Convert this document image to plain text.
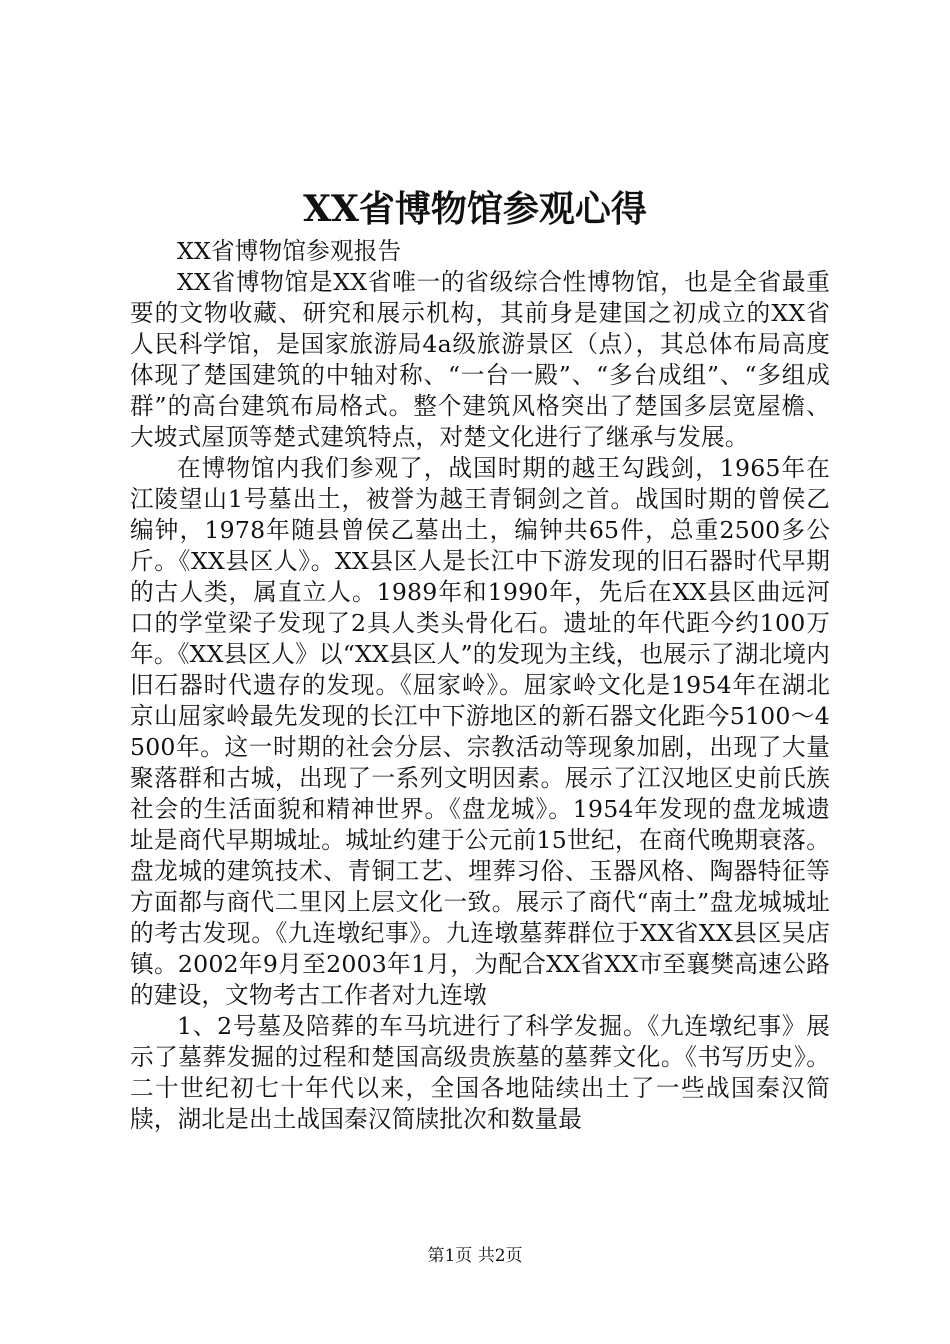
XX省博物馆参观心得

XX省博物馆参观报告

XX省博物馆是XX省唯一的省级综合性博物馆，也是全省最重要的文物收藏、研究和展示机构，其前身是建国之初成立的XX省人民科学馆，是国家旅游局4a级旅游景区（点），其总体布局高度体现了楚国建筑的中轴对称、“一台一殿”、“多台成组”、“多组成群”的高台建筑布局格式。整个建筑风格突出了楚国多层宽屋檐、大坡式屋顶等楚式建筑特点，对楚文化进行了继承与发展。

在博物馆内我们参观了，战国时期的越王勾践剑，1965年在江陵望山1号墓出土，被誉为越王青铜剑之首。战国时期的曾侯乙编钟，1978年随县曾侯乙墓出土，编钟共65件，总重2500多公斤。《XX县区人》。XX县区人是长江中下游发现的旧石器时代早期的古人类，属直立人。1989年和1990年，先后在XX县区曲远河口的学堂梁子发现了2具人类头骨化石。遗址的年代距今约100万年。《XX县区人》以“XX县区人”的发现为主线，也展示了湖北境内旧石器时代遗存的发现。《屈家岭》。屈家岭文化是1954年在湖北京山屈家岭最先发现的长江中下游地区的新石器文化距今5100～4500年。这一时期的社会分层、宗教活动等现象加剧，出现了大量聚落群和古城，出现了一系列文明因素。展示了江汉地区史前氏族社会的生活面貌和精神世界。《盘龙城》。1954年发现的盘龙城遗址是商代早期城址。城址约建于公元前15世纪，在商代晚期衰落。盘龙城的建筑技术、青铜工艺、埋葬习俗、玉器风格、陶器特征等方面都与商代二里冈上层文化一致。展示了商代“南土”盘龙城城址的考古发现。《九连墩纪事》。九连墩墓葬群位于XX省XX县区吴店镇。2002年9月至2003年1月，为配合XX省XX市至襄樊高速公路的建设，文物考古工作者对九连墩

1、2号墓及陪葬的车马坑进行了科学发掘。《九连墩纪事》展示了墓葬发掘的过程和楚国高级贵族墓的墓葬文化。《书写历史》。二十世纪初七十年代以来，全国各地陆续出土了一些战国秦汉简牍，湖北是出土战国秦汉简牍批次和数量最

第1页 共2页
